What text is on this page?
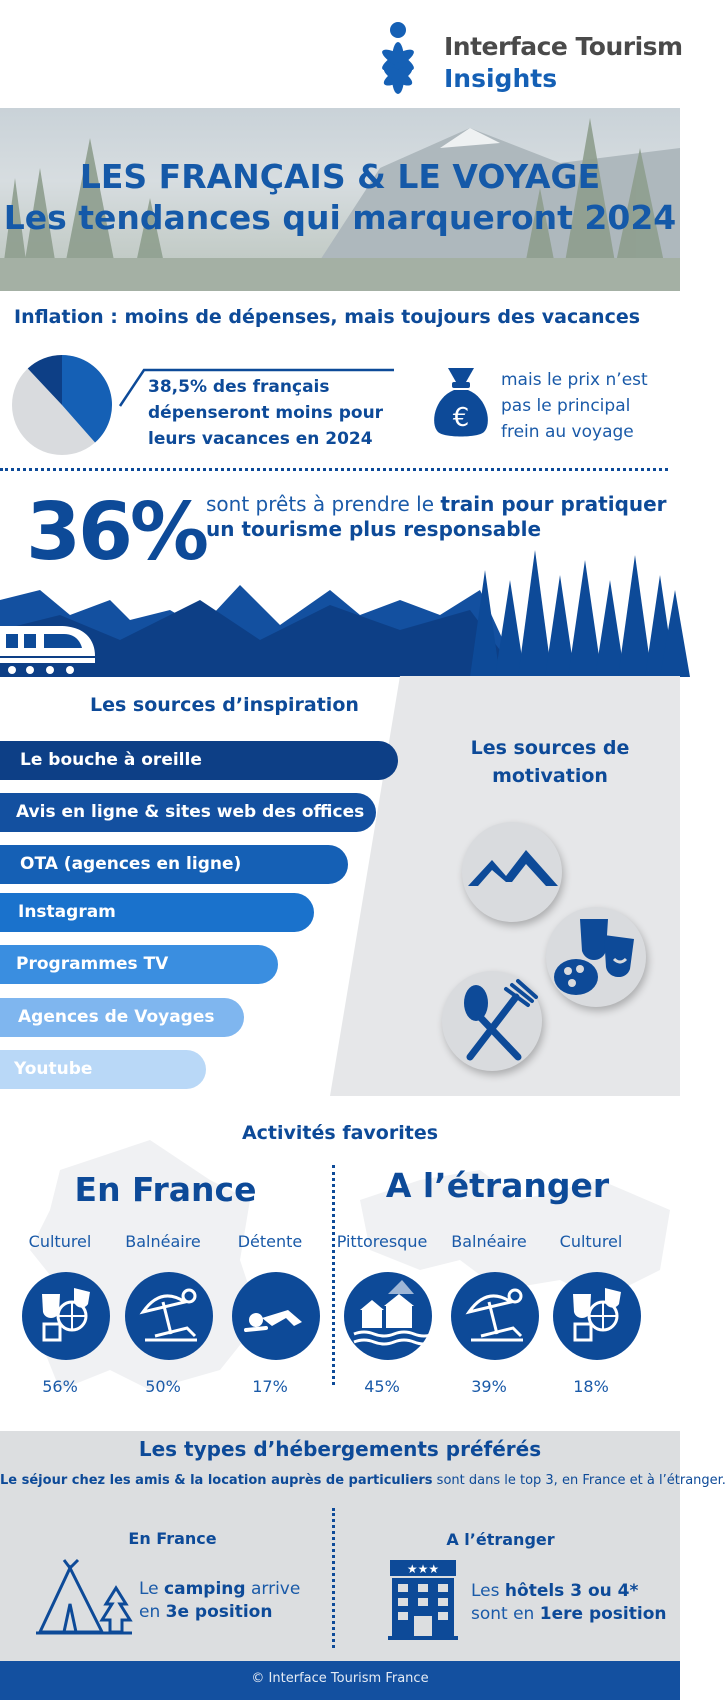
Interface Tourism
Insights
LES FRANÇAIS & LE VOYAGE
Les tendances qui marqueront 2024
Inflation : moins de dépenses, mais toujours des vacances
38,5% des français dépenseront moins pour leurs vacances en 2024
€
mais le prix n’est pas le principal frein au voyage
36% sont prêts à prendre le train pour pratiquer un tourisme plus responsable
Les sources d’inspiration
Le bouche à oreille
Avis en ligne & sites web des offices
OTA (agences en ligne)
Instagram
Programmes TV
Agences de Voyages
Youtube
Les sources de motivation
Activités favorites
En France	A l’étranger
Culturel
56%
Balnéaire
50%
Détente
17%
Pittoresque
45%
Balnéaire
39%
Culturel
18%
Les types d’hébergements préférés
Le séjour chez les amis & la location auprès de particuliers sont dans le top 3, en France et à l’étranger.
En France	A l’étranger
★★★
Le camping arrive en 3e position
Les hôtels 3 ou 4* sont en 1ere position
© Interface Tourism France
